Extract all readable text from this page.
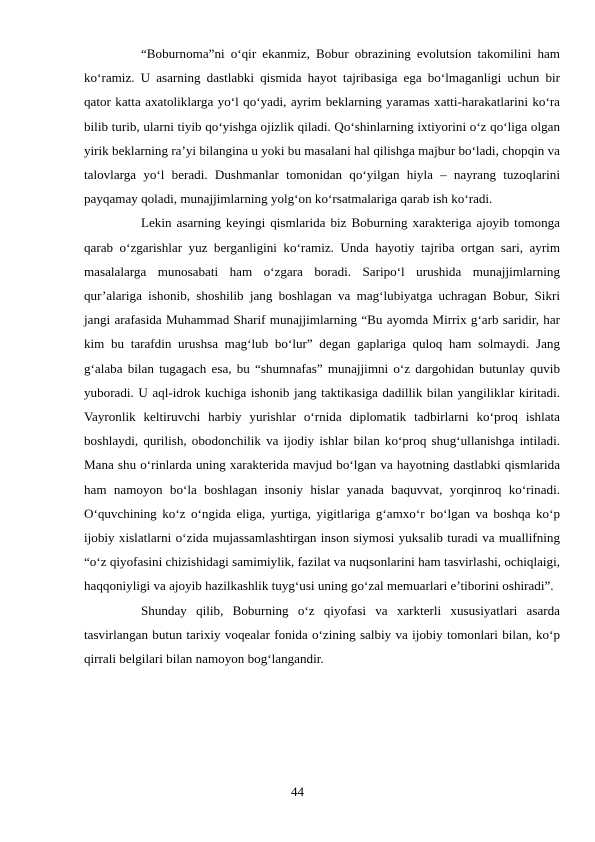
“Boburnoma”ni o‘qir ekanmiz, Bobur obrazining evolutsion takomilini ham ko‘ramiz. U asarning dastlabki qismida hayot tajribasiga ega bo‘lmaganligi uchun bir qator katta axatoliklarga yo‘l qo‘yadi, ayrim beklarning yaramas xatti-harakatlarini ko‘ra bilib turib, ularni tiyib qo‘yishga ojizlik qiladi. Qo‘shinlarning ixtiyorini o‘z qo‘liga olgan yirik beklarning ra’yi bilangina u yoki bu masalani hal qilishga majbur bo‘ladi, chopqin va talovlarga yo‘l beradi. Dushmanlar tomonidan qo‘yilgan hiyla – nayrang tuzoqlarini payqamay qoladi, munajjimlarning yolg‘on ko‘rsatmalariga qarab ish ko‘radi.

Lekin asarning keyingi qismlarida biz Boburning xarakteriga ajoyib tomonga qarab o‘zgarishlar yuz berganligini ko‘ramiz. Unda hayotiy tajriba ortgan sari, ayrim masalalarga munosabati ham o‘zgara boradi. Saripo‘l urushida munajjimlarning qur’alariga ishonib, shoshilib jang boshlagan va mag‘lubiyatga uchragan Bobur, Sikri jangi arafasida Muhammad Sharif munajjimlarning “Bu ayomda Mirrix g‘arb saridir, har kim bu tarafdin urushsa mag‘lub bo‘lur” degan gaplariga quloq ham solmaydi. Jang g‘alaba bilan tugagach esa, bu “shumnafas” munajjimni o‘z dargohidan butunlay quvib yuboradi. U aql-idrok kuchiga ishonib jang taktikasiga dadillik bilan yangiliklar kiritadi. Vayronlik keltiruvchi harbiy yurishlar o‘rnida diplomatik tadbirlarni ko‘proq ishlata boshlaydi, qurilish, obodonchilik va ijodiy ishlar bilan ko‘proq shug‘ullanishga intiladi. Mana shu o‘rinlarda uning xarakterida mavjud bo‘lgan va hayotning dastlabki qismlarida ham namoyon bo‘la boshlagan insoniy hislar yanada baquvvat, yorqinroq ko‘rinadi. O‘quvchining ko‘z o‘ngida eliga, yurtiga, yigitlariga g‘amxo‘r bo‘lgan va boshqa ko‘p ijobiy xislatlarni o‘zida mujassamlashtirgan inson siymosi yuksalib turadi va muallifning “o‘z qiyofasini chizishidagi samimiylik, fazilat va nuqsonlarini ham tasvirlashi, ochiqlaigi, haqqoniyligi va ajoyib hazilkashlik tuyg‘usi uning go‘zal memuarlari e’tiborini oshiradi”.

Shunday qilib, Boburning o‘z qiyofasi va xarkterli xususiyatlari asarda tasvirlangan butun tarixiy voqealar fonida o‘zining salbiy va ijobiy tomonlari bilan, ko‘p qirrali belgilari bilan namoyon bog‘langandir.

44
